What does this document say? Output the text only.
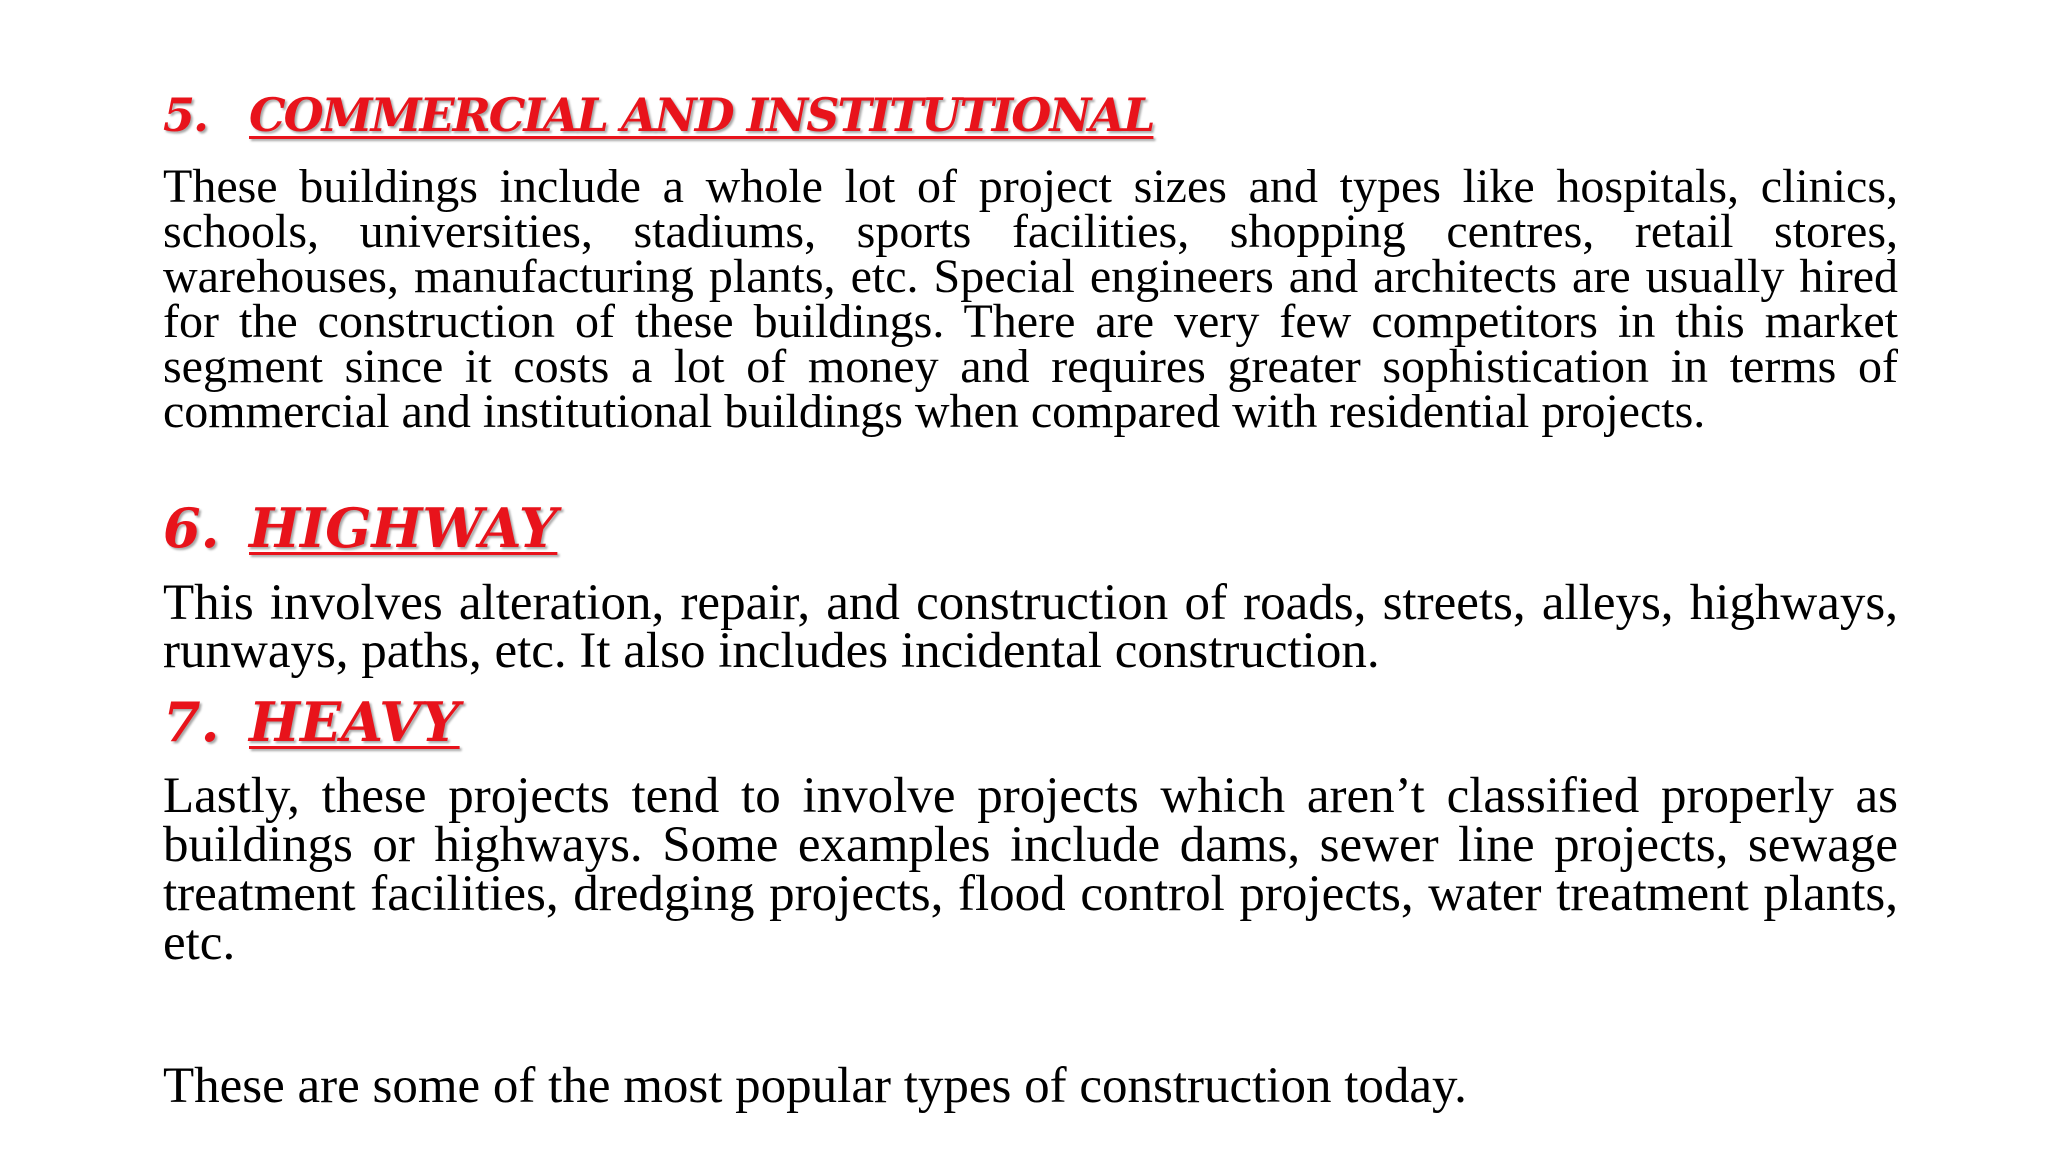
5. COMMERCIAL AND INSTITUTIONAL

These buildings include a whole lot of project sizes and types like hospitals, clinics, schools, universities, stadiums, sports facilities, shopping centres, retail stores, warehouses, manufacturing plants, etc. Special engineers and architects are usually hired for the construction of these buildings. There are very few competitors in this market segment since it costs a lot of money and requires greater sophistication in terms of commercial and institutional buildings when compared with residential projects.

6. HIGHWAY

This involves alteration, repair, and construction of roads, streets, alleys, highways, runways, paths, etc. It also includes incidental construction.

7. HEAVY

Lastly, these projects tend to involve projects which aren’t classified properly as buildings or highways. Some examples include dams, sewer line projects, sewage treatment facilities, dredging projects, flood control projects, water treatment plants, etc.

These are some of the most popular types of construction today.
